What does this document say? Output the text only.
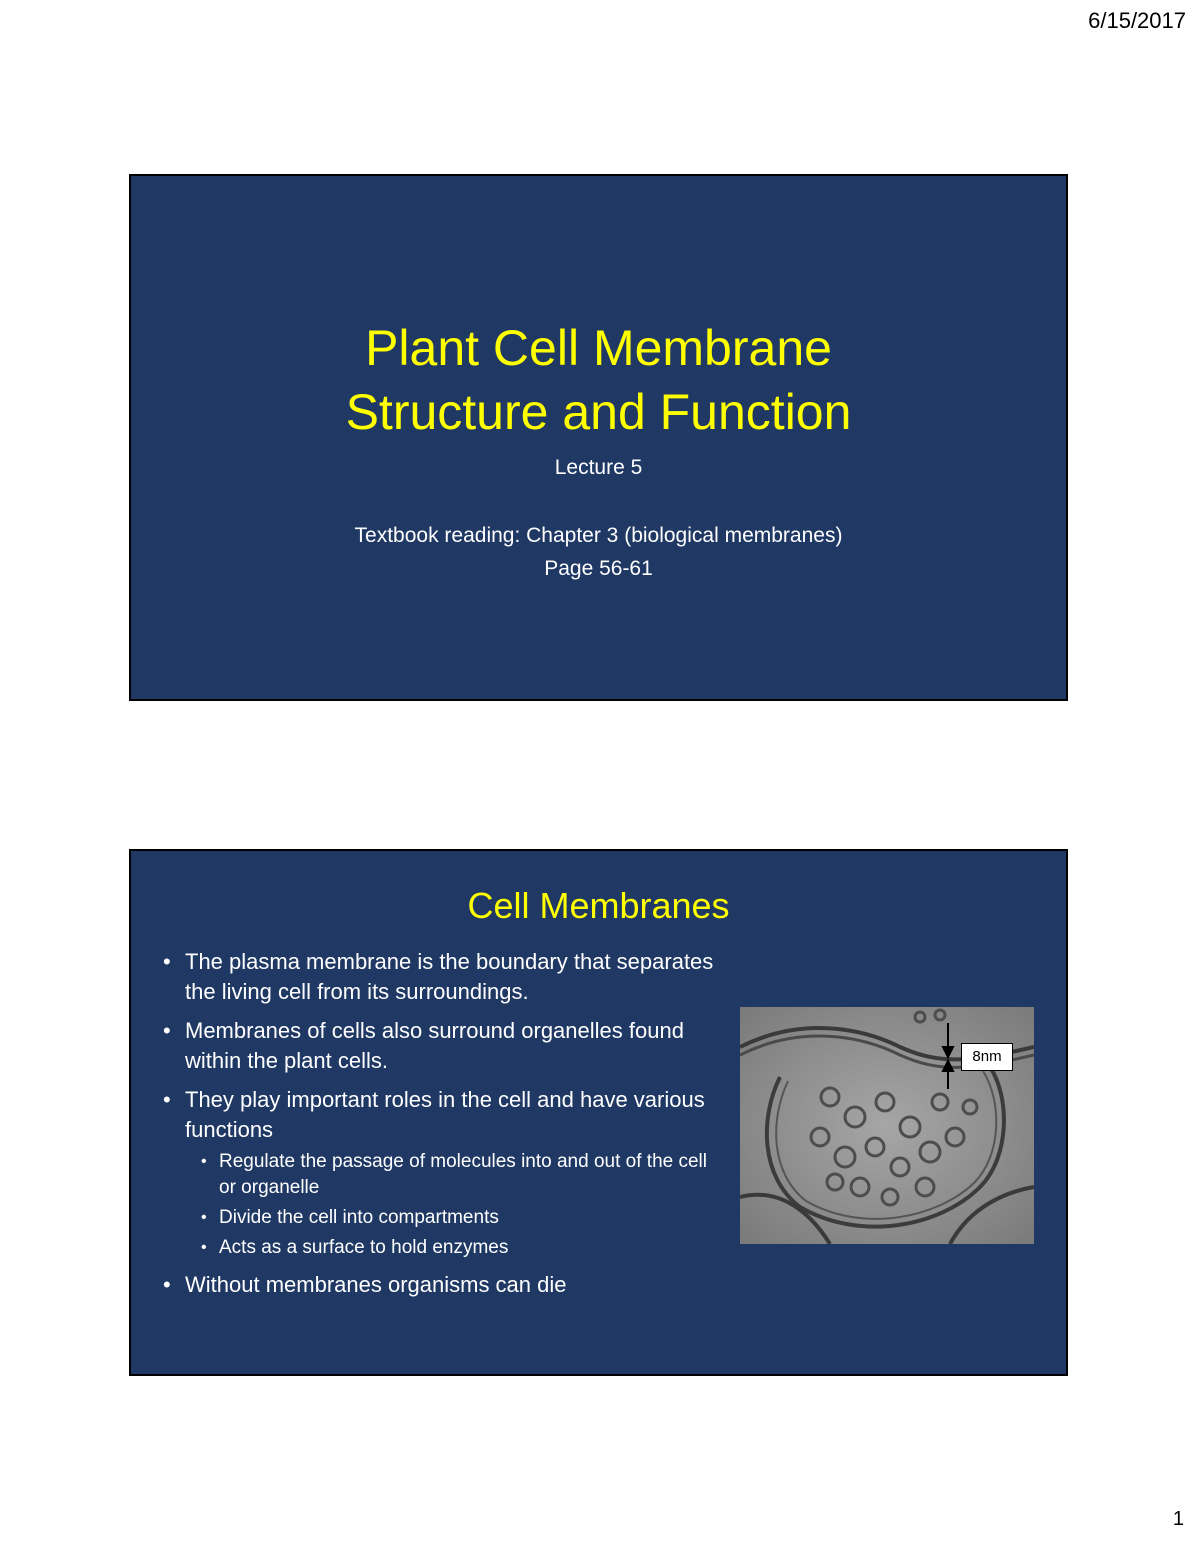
6/15/2017
Plant Cell Membrane
Structure and Function
Lecture 5
Textbook reading: Chapter 3 (biological membranes)
Page 56-61
Cell Membranes
• The plasma membrane is the boundary that separates the living cell from its surroundings.
• Membranes of cells also surround organelles found within the plant cells.
• They play important roles in the cell and have various functions
• Regulate the passage of molecules into and out of the cell or organelle
• Divide the cell into compartments
• Acts as a surface to hold enzymes
• Without membranes organisms can die
8nm
1
